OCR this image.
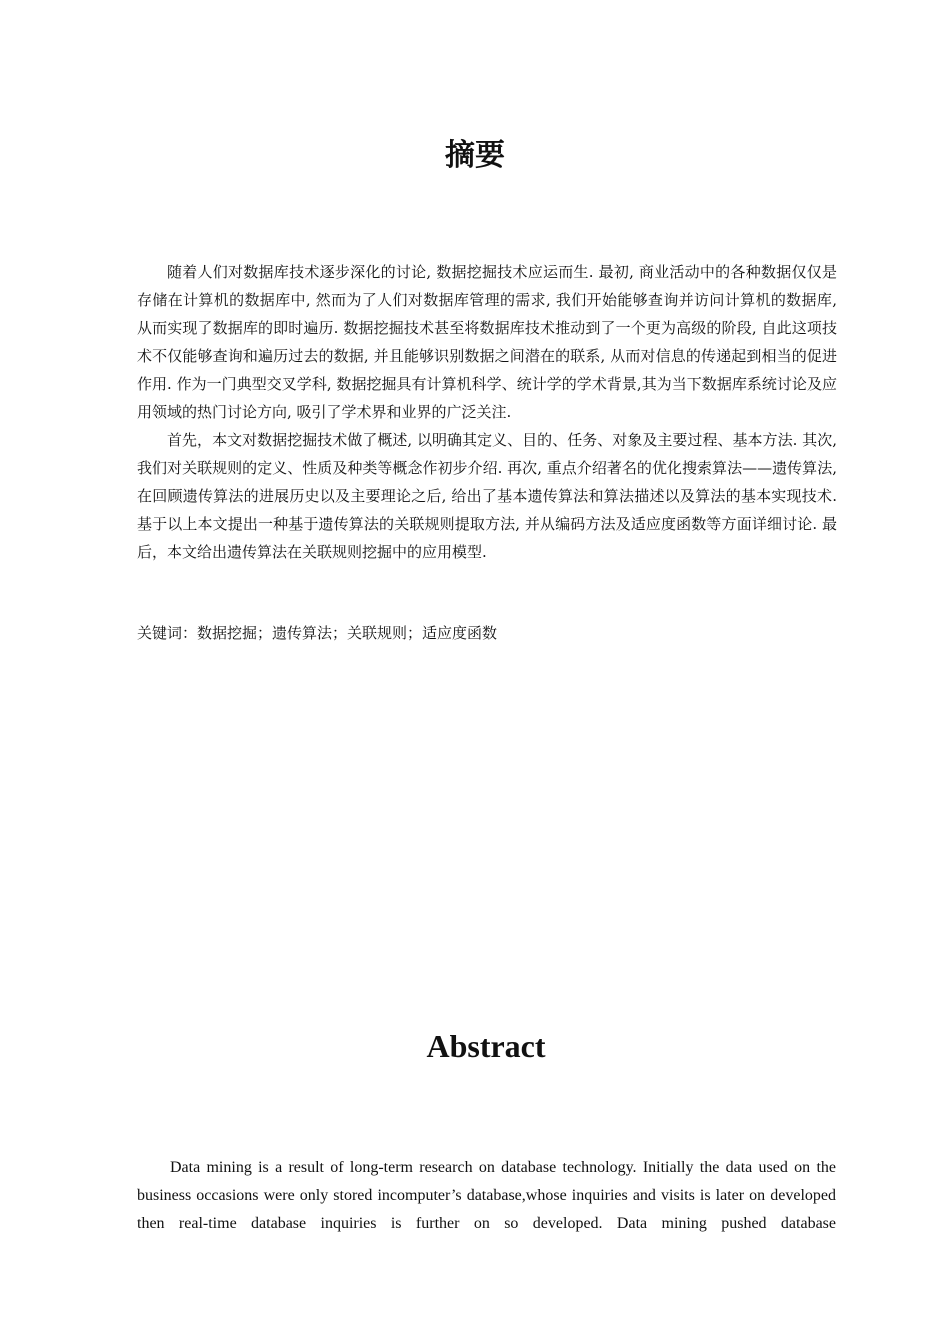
摘要

随着人们对数据库技术逐步深化的讨论, 数据挖掘技术应运而生. 最初, 商业活动中的各种数据仅仅是存储在计算机的数据库中, 然而为了人们对数据库管理的需求, 我们开始能够查询并访问计算机的数据库, 从而实现了数据库的即时遍历. 数据挖掘技术甚至将数据库技术推动到了一个更为高级的阶段, 自此这项技术不仅能够查询和遍历过去的数据, 并且能够识别数据之间潜在的联系, 从而对信息的传递起到相当的促进作用. 作为一门典型交叉学科, 数据挖掘具有计算机科学、统计学的学术背景,其为当下数据库系统讨论及应用领域的热门讨论方向, 吸引了学术界和业界的广泛关注.

首先，本文对数据挖掘技术做了概述, 以明确其定义、目的、任务、对象及主要过程、基本方法. 其次, 我们对关联规则的定义、性质及种类等概念作初步介绍. 再次, 重点介绍著名的优化搜索算法——遗传算法, 在回顾遗传算法的进展历史以及主要理论之后, 给出了基本遗传算法和算法描述以及算法的基本实现技术. 基于以上本文提出一种基于遗传算法的关联规则提取方法, 并从编码方法及适应度函数等方面详细讨论. 最后，本文给出遗传算法在关联规则挖掘中的应用模型.

关键词：数据挖掘；遗传算法；关联规则；适应度函数

Abstract

Data mining is a result of long-term research on database technology. Initially the data used on the business occasions were only stored incomputer’s database,whose inquiries and visits is later on developed then real-time database inquiries is further on so developed. Data mining pushed database
